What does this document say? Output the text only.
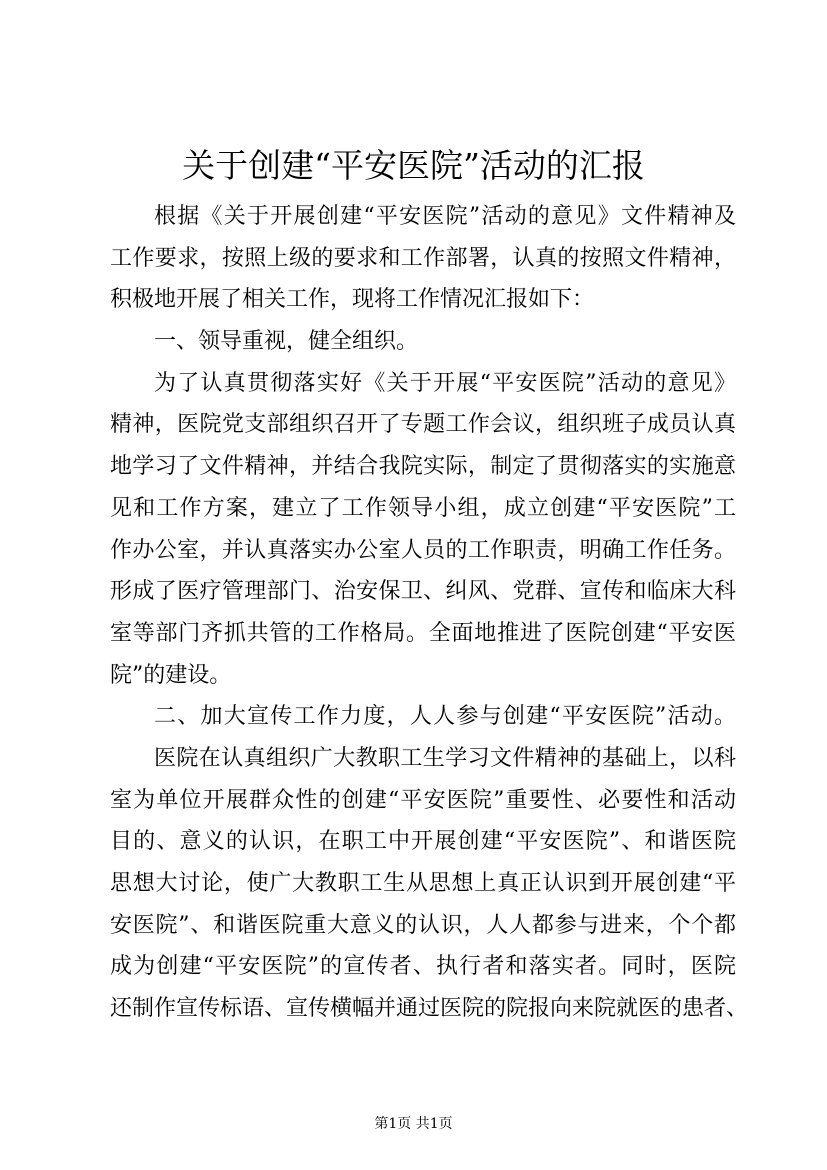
关于创建“平安医院”活动的汇报
根据《关于开展创建“平安医院”活动的意见》文件精神及
工作要求，按照上级的要求和工作部署，认真的按照文件精神，
积极地开展了相关工作，现将工作情况汇报如下：
一、领导重视，健全组织。
为了认真贯彻落实好《关于开展“平安医院”活动的意见》
精神，医院党支部组织召开了专题工作会议，组织班子成员认真
地学习了文件精神，并结合我院实际，制定了贯彻落实的实施意
见和工作方案，建立了工作领导小组，成立创建“平安医院”工
作办公室，并认真落实办公室人员的工作职责，明确工作任务。
形成了医疗管理部门、治安保卫、纠风、党群、宣传和临床大科
室等部门齐抓共管的工作格局。全面地推进了医院创建“平安医
院”的建设。
二、加大宣传工作力度，人人参与创建“平安医院”活动。
医院在认真组织广大教职工生学习文件精神的基础上，以科
室为单位开展群众性的创建“平安医院”重要性、必要性和活动
目的、意义的认识，在职工中开展创建“平安医院”、和谐医院
思想大讨论，使广大教职工生从思想上真正认识到开展创建“平
安医院”、和谐医院重大意义的认识，人人都参与进来，个个都
成为创建“平安医院”的宣传者、执行者和落实者。同时，医院
还制作宣传标语、宣传横幅并通过医院的院报向来院就医的患者、
第1页 共1页
